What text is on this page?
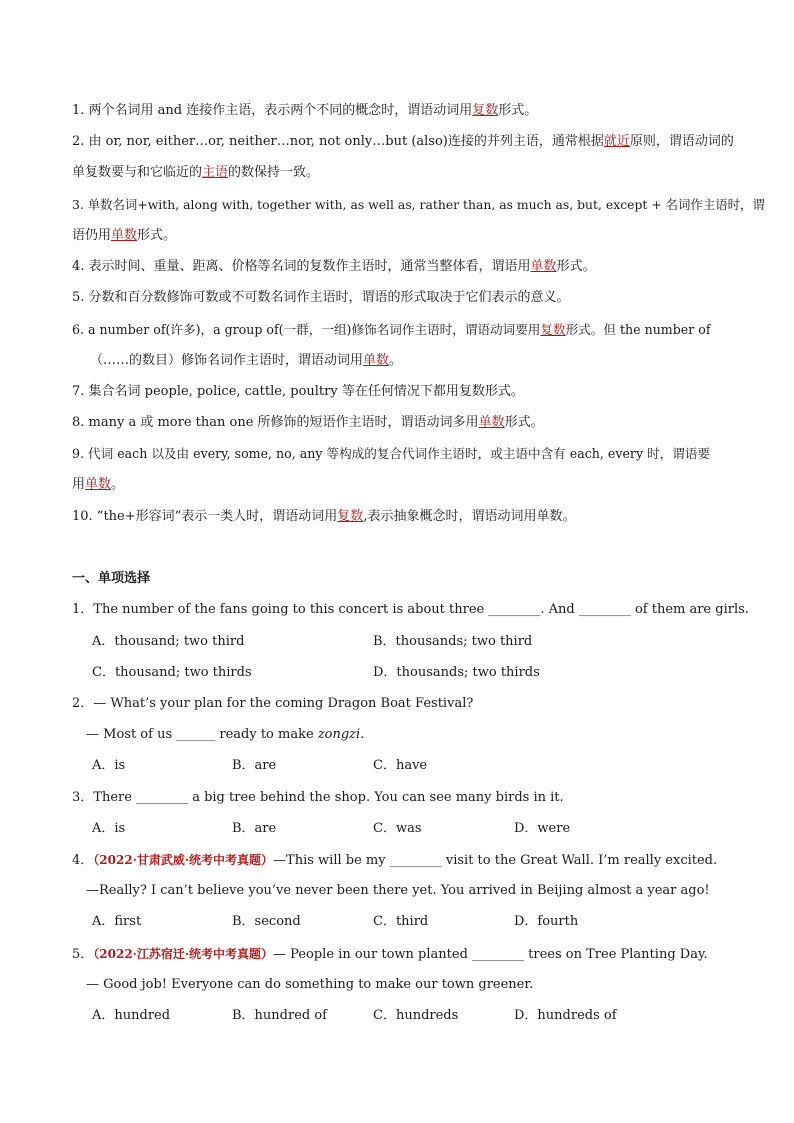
1. 两个名词用 and 连接作主语，表示两个不同的概念时，谓语动词用复数形式。
2. 由 or, nor, either…or, neither…nor, not only…but (also)连接的并列主语，通常根据就近原则，谓语动词的
单复数要与和它临近的主语的数保持一致。
3. 单数名词+with, along with, together with, as well as, rather than, as much as, but, except + 名词作主语时，谓
语仍用单数形式。
4. 表示时间、重量、距离、价格等名词的复数作主语时，通常当整体看，谓语用单数形式。
5. 分数和百分数修饰可数或不可数名词作主语时，谓语的形式取决于它们表示的意义。
6. a number of(许多)，a group of(一群，一组)修饰名词作主语时，谓语动词要用复数形式。但 the number of
（……的数目）修饰名词作主语时，谓语动词用单数。
7. 集合名词 people, police, cattle, poultry 等在任何情况下都用复数形式。
8. many a 或 more than one 所修饰的短语作主语时，谓语动词多用单数形式。
9. 代词 each 以及由 every, some, no, any 等构成的复合代词作主语时，或主语中含有 each, every 时，谓语要
用单数。
10. “the+形容词”表示一类人时，谓语动词用复数,表示抽象概念时，谓语动词用单数。
一、单项选择
1．The number of the fans going to this concert is about three ________. And ________ of them are girls.
A．thousand; two third	B．thousands; two third
C．thousand; two thirds	D．thousands; two thirds
2．— What’s your plan for the coming Dragon Boat Festival?
— Most of us ______ ready to make zongzi.
A．is	B．are	C．have
3．There ________ a big tree behind the shop. You can see many birds in it.
A．is	B．are	C．was	D．were
4．（2022·甘肃武威·统考中考真题）—This will be my ________ visit to the Great Wall. I’m really excited.
—Really? I can’t believe you’ve never been there yet. You arrived in Beijing almost a year ago!
A．first	B．second	C．third	D．fourth
5．（2022·江苏宿迁·统考中考真题）— People in our town planted ________ trees on Tree Planting Day.
— Good job! Everyone can do something to make our town greener.
A．hundred	B．hundred of	C．hundreds	D．hundreds of
